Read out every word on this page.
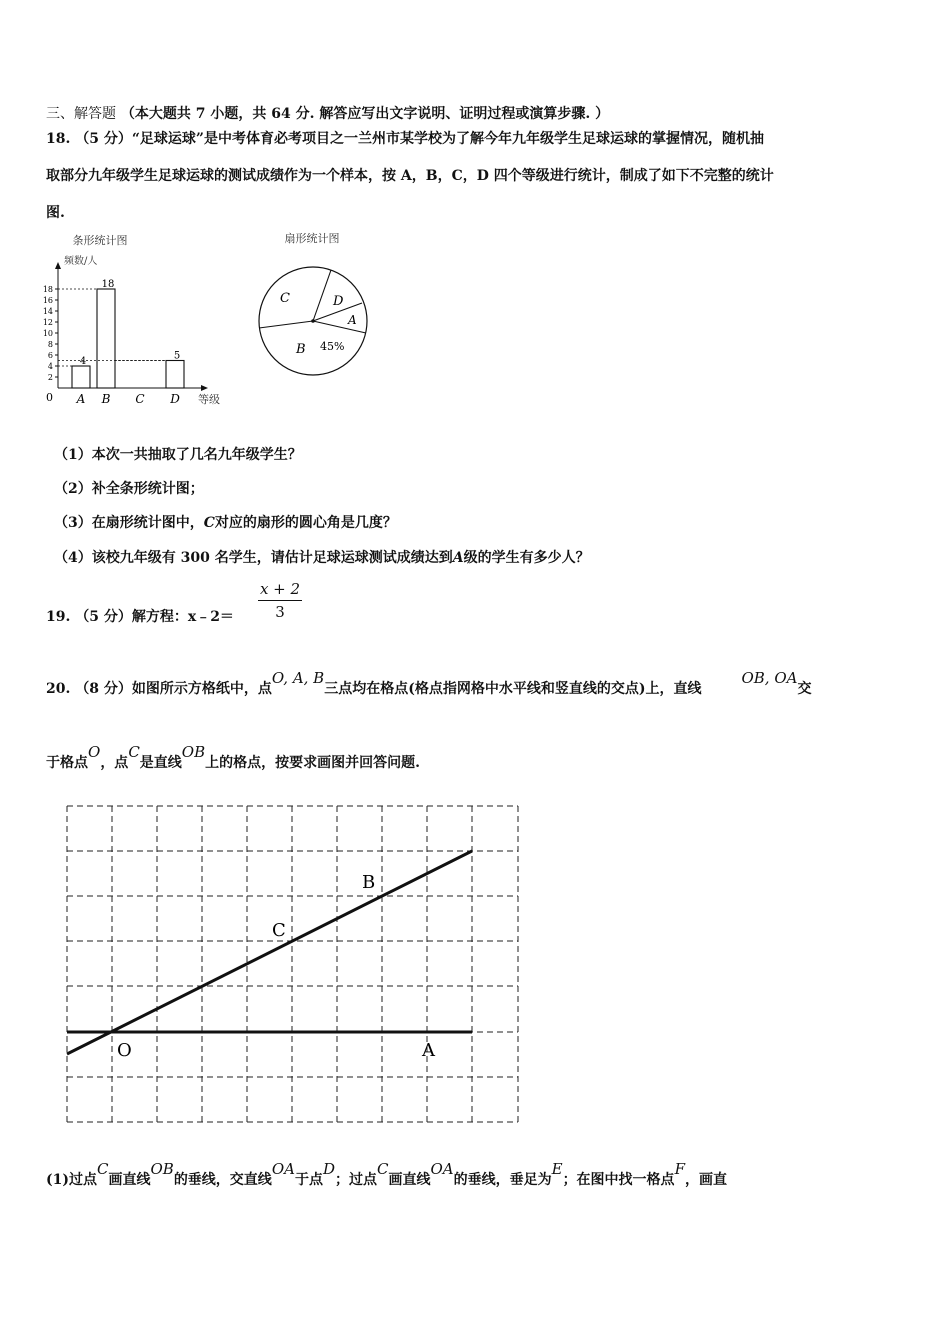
三、解答题 （本大题共 7 小题，共 64 分. 解答应写出文字说明、证明过程或演算步骤. ）
18. （5 分）“足球运球”是中考体育必考项目之一兰州市某学校为了解今年九年级学生足球运球的掌握情况，随机抽
取部分九年级学生足球运球的测试成绩作为一个样本，按 A，B，C，D 四个等级进行统计，制成了如下不完整的统计
图.
条形统计图
频数/人
等级
0
2
4
6
8
10
12
14
16
18
4
A
18
B C
5
D
扇形统计图
C	D
A
B 45%
（1）本次一共抽取了几名九年级学生？
（2）补全条形统计图；
（3）在扇形统计图中，C对应的扇形的圆心角是几度？
（4）该校九年级有 300 名学生，请估计足球运球测试成绩达到A级的学生有多少人？
$\frac{x + 2}{3}$
19. （5 分）解方程：x﹣2＝
20. （8 分）如图所示方格纸中，点O, A, B三点均在格点(格点指网格中水平线和竖直线的交点)上，直线OB, OA交
于格点O，点C是直线OB上的格点，按要求画图并回答问题.
B
C
O	A
(1)过点C画直线OB的垂线，交直线OA于点D；过点C画直线OA的垂线，垂足为E；在图中找一格点F，画直
